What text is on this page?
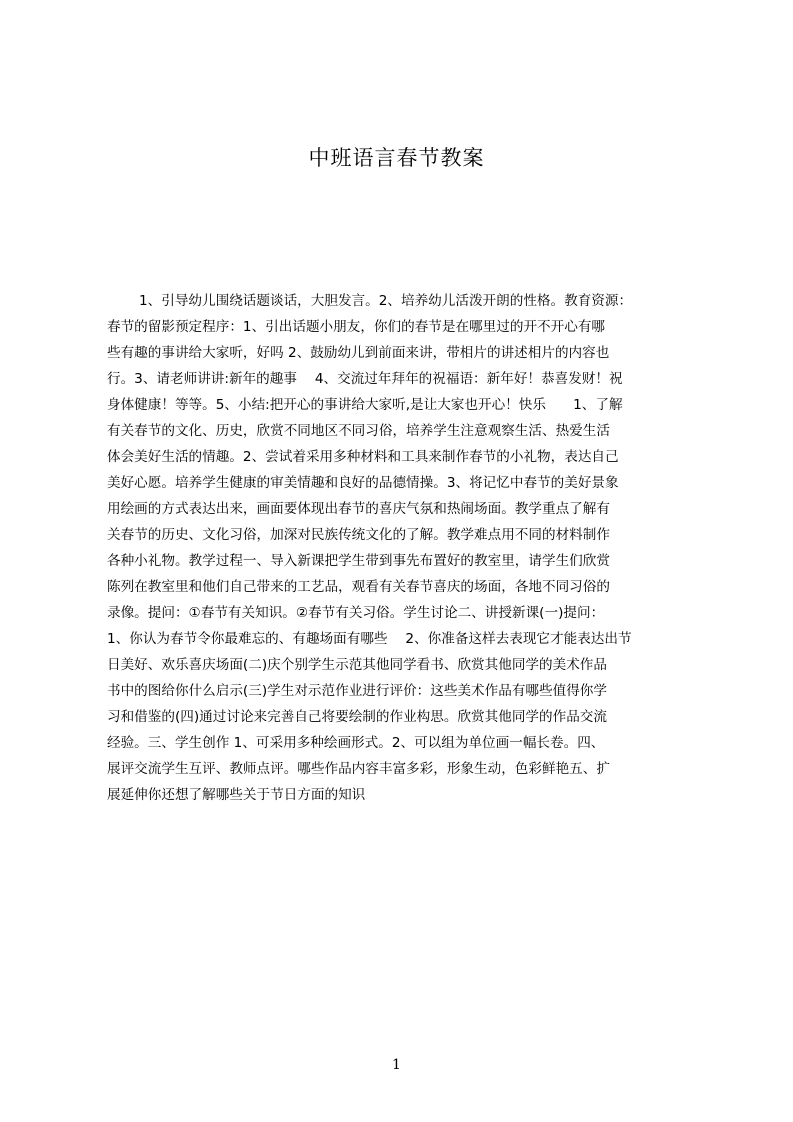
中班语言春节教案
1、引导幼儿围绕话题谈话，大胆发言。2、培养幼儿活泼开朗的性格。教育资源：
春节的留影预定程序：1、引出话题小朋友，你们的春节是在哪里过的开不开心有哪
些有趣的事讲给大家听，好吗 2、鼓励幼儿到前面来讲，带相片的讲述相片的内容也
行。3、请老师讲讲:新年的趣事　 4、交流过年拜年的祝福语：新年好！恭喜发财！祝
身体健康！等等。5、小结:把开心的事讲给大家听,是让大家也开心！快乐　　1、了解
有关春节的文化、历史，欣赏不同地区不同习俗，培养学生注意观察生活、热爱生活
体会美好生活的情趣。2、尝试着采用多种材料和工具来制作春节的小礼物，表达自己
美好心愿。培养学生健康的审美情趣和良好的品德情操。3、将记忆中春节的美好景象
用绘画的方式表达出来，画面要体现出春节的喜庆气氛和热闹场面。教学重点了解有
关春节的历史、文化习俗，加深对民族传统文化的了解。教学难点用不同的材料制作
各种小礼物。教学过程一、导入新课把学生带到事先布置好的教室里，请学生们欣赏
陈列在教室里和他们自己带来的工艺品，观看有关春节喜庆的场面，各地不同习俗的
录像。提问：①春节有关知识。②春节有关习俗。学生讨论二、讲授新课(一)提问：
1、你认为春节令你最难忘的、有趣场面有哪些　 2、你准备这样去表现它才能表达出节
日美好、欢乐喜庆场面(二)庆个别学生示范其他同学看书、欣赏其他同学的美术作品
书中的图给你什么启示(三)学生对示范作业进行评价：这些美术作品有哪些值得你学
习和借鉴的(四)通过讨论来完善自己将要绘制的作业构思。欣赏其他同学的作品交流
经验。三、学生创作 1、可采用多种绘画形式。2、可以组为单位画一幅长卷。四、
展评交流学生互评、教师点评。哪些作品内容丰富多彩，形象生动，色彩鲜艳五、扩
展延伸你还想了解哪些关于节日方面的知识
1
